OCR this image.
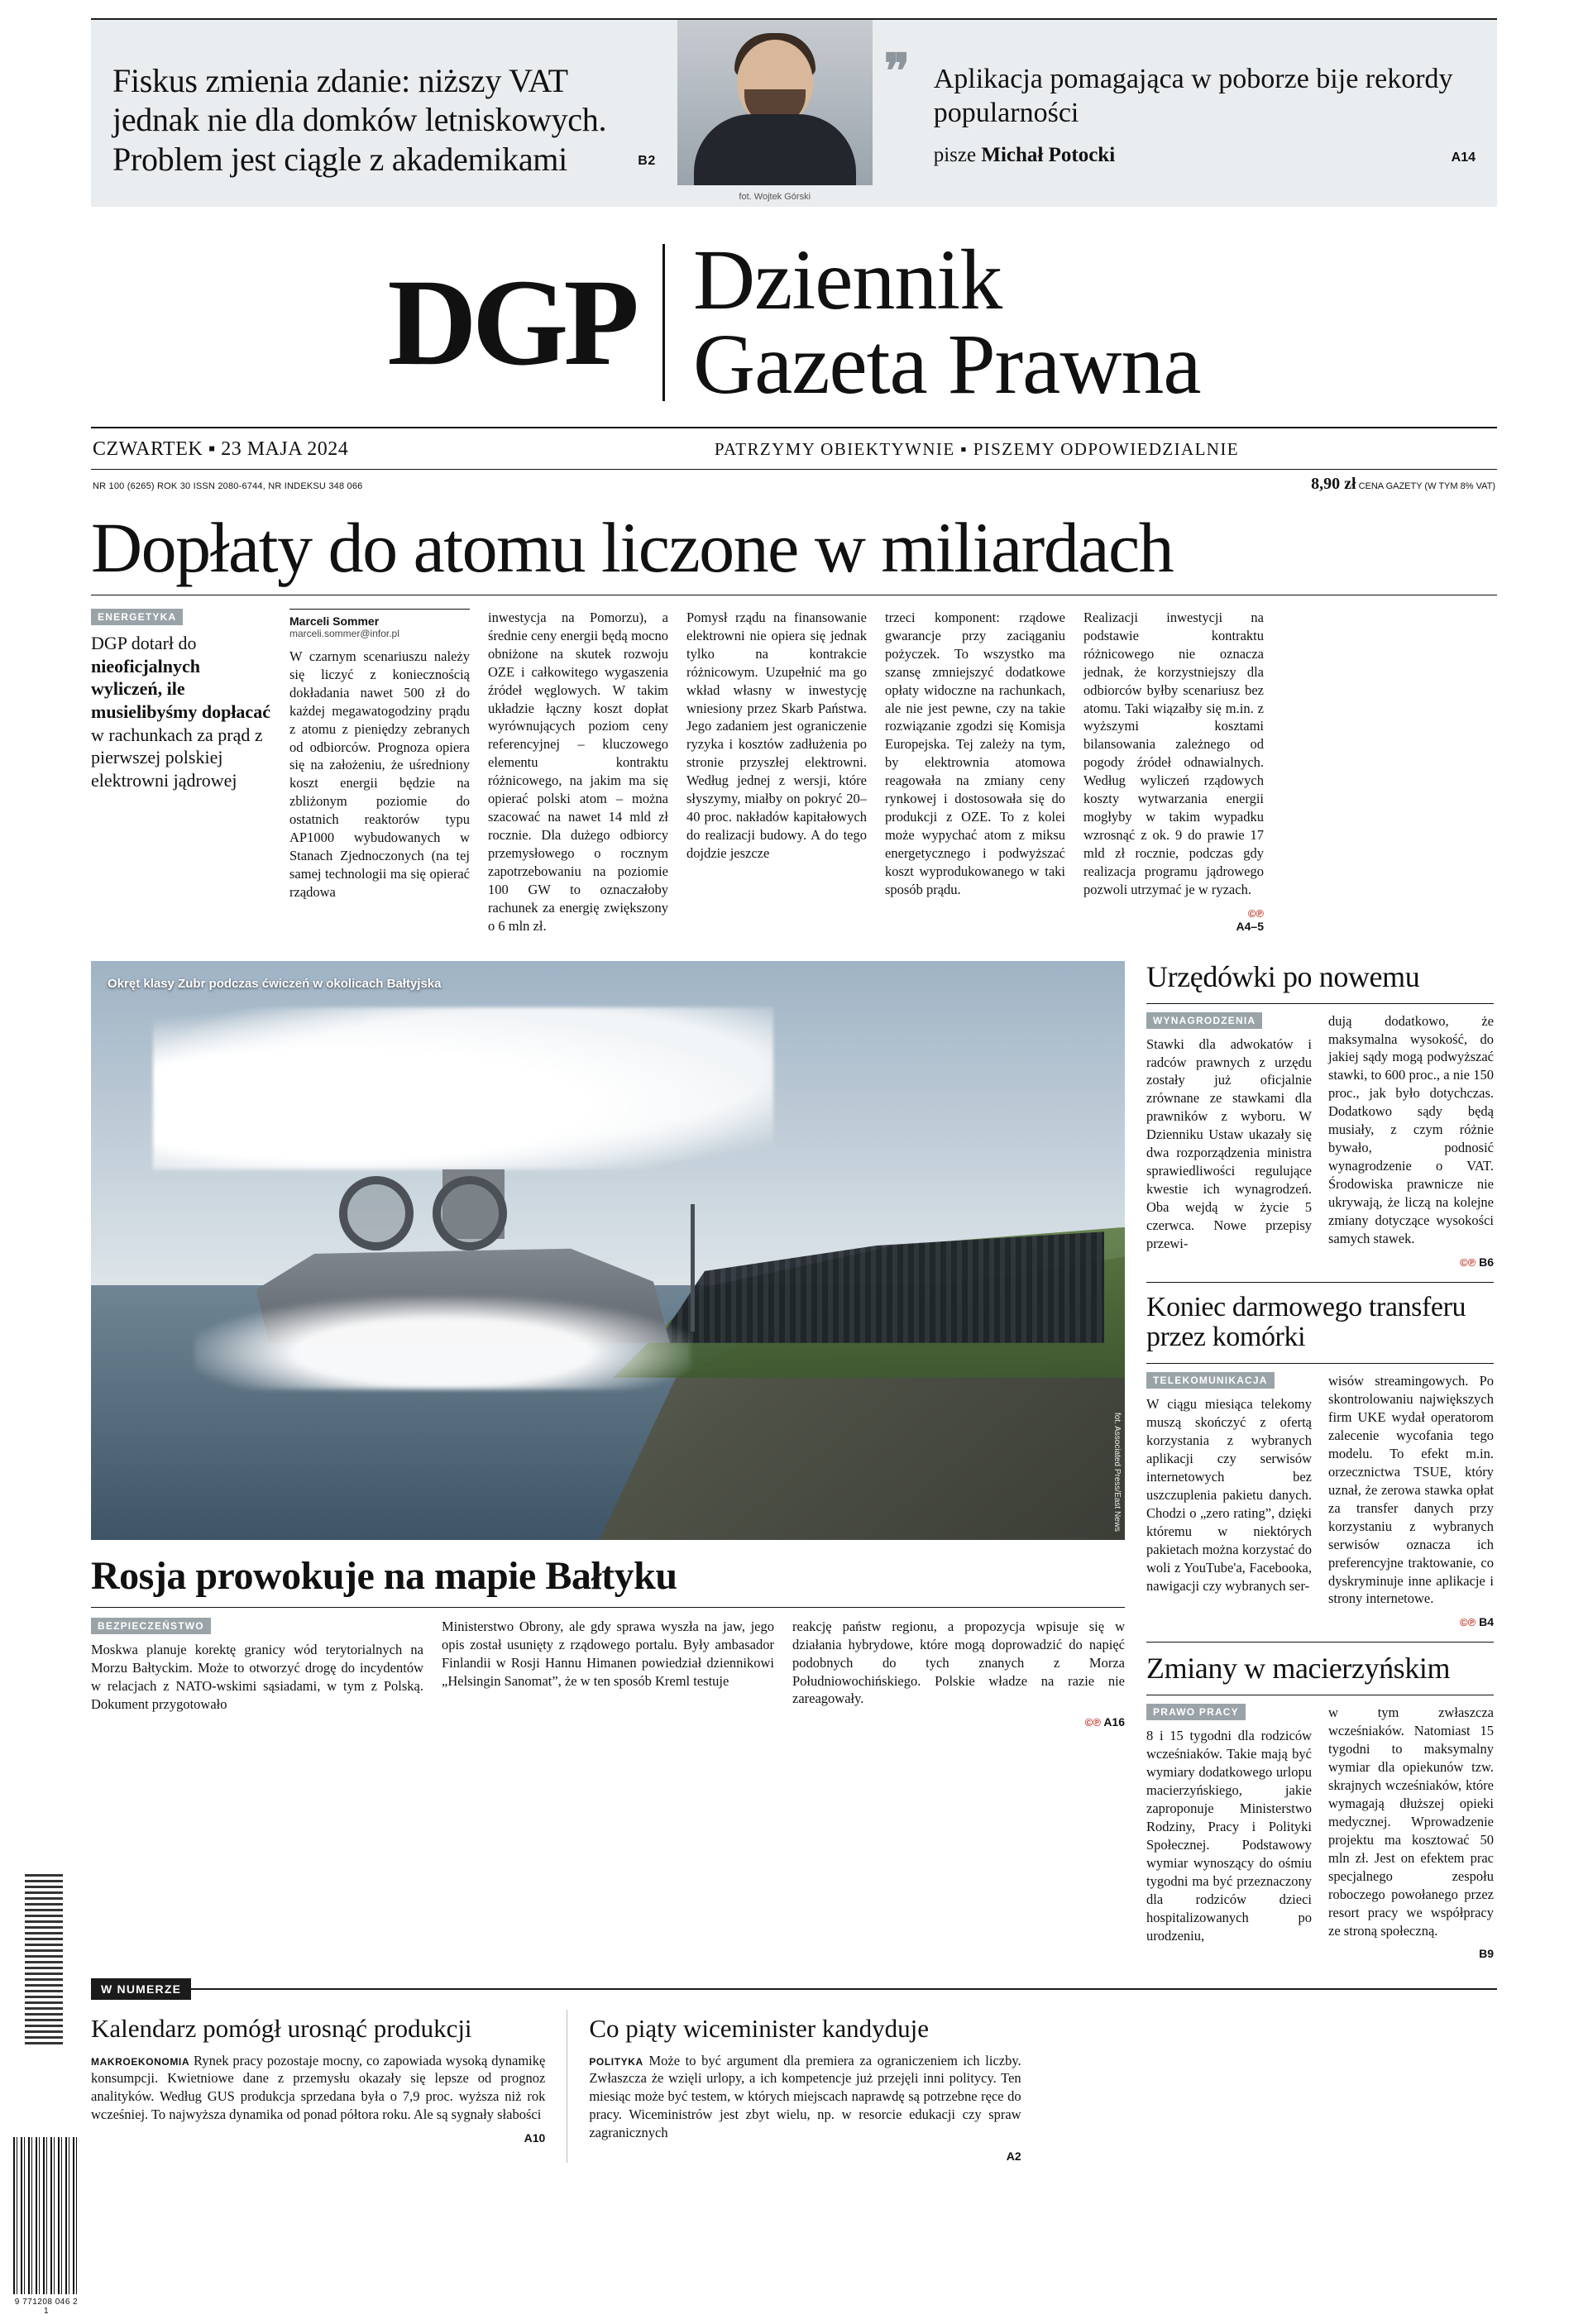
Fiskus zmienia zdanie: niższy VAT jednak nie dla domków letniskowych. Problem jest ciągle z akademikami	B2
fot. Wojtek Górski
❞ Aplikacja pomagająca w poborze bije rekordy popularności
pisze Michał Potocki	A14
DGP Dziennik
Gazeta Prawna
CZWARTEK ▪ 23 MAJA 2024	PATRZYMY OBIEKTYWNIE ▪ PISZEMY ODPOWIEDZIALNIE
NR 100 (6265) ROK 30 ISSN 2080-6744, NR INDEKSU 348 066	8,90 zł CENA GAZETY (W TYM 8% VAT)
Dopłaty do atomu liczone w miliardach
ENERGETYKA
DGP dotarł do nieoficjalnych wyliczeń, ile musielibyśmy dopłacać w rachunkach za prąd z pierwszej polskiej elektrowni jądrowej
Marceli Sommer
marceli.sommer@infor.pl

W czarnym scenariuszu należy się liczyć z koniecznością dokładania nawet 500 zł do każdej megawatogodziny prądu z atomu z pieniędzy zebranych od odbiorców. Prognoza opiera się na założeniu, że uśredniony koszt energii będzie na zbliżonym poziomie do ostatnich reaktorów typu AP1000 wybudowanych w Stanach Zjednoczonych (na tej samej technologii ma się opierać rządowa

inwestycja na Pomorzu), a średnie ceny energii będą mocno obniżone na skutek rozwoju OZE i całkowitego wygaszenia źródeł węglowych. W takim układzie łączny koszt dopłat wyrównujących poziom ceny referencyjnej – kluczowego elementu kontraktu różnicowego, na jakim ma się opierać polski atom – można szacować na nawet 14 mld zł rocznie. Dla dużego odbiorcy przemysłowego o rocznym zapotrzebowaniu na poziomie 100 GW to oznaczałoby rachunek za energię zwiększony o 6 mln zł.

Pomysł rządu na finansowanie elektrowni nie opiera się jednak tylko na kontrakcie różnicowym. Uzupełnić ma go wkład własny w inwestycję wniesiony przez Skarb Państwa. Jego zadaniem jest ograniczenie ryzyka i kosztów zadłużenia po stronie przyszłej elektrowni. Według jednej z wersji, które słyszymy, miałby on pokryć 20–40 proc. nakładów kapitałowych do realizacji budowy. A do tego dojdzie jeszcze

trzeci komponent: rządowe gwarancje przy zaciąganiu pożyczek. To wszystko ma szansę zmniejszyć dodatkowe opłaty widoczne na rachunkach, ale nie jest pewne, czy na takie rozwiązanie zgodzi się Komisja Europejska. Tej zależy na tym, by elektrownia atomowa reagowała na zmiany ceny rynkowej i dostosowała się do produkcji z OZE. To z kolei może wypychać atom z miksu energetycznego i podwyższać koszt wyprodukowanego w taki sposób prądu.

Realizacji inwestycji na podstawie kontraktu różnicowego nie oznacza jednak, że korzystniejszy dla odbiorców byłby scenariusz bez atomu. Taki wiązałby się m.in. z wyższymi kosztami bilansowania zależnego od pogody źródeł odnawialnych. Według wyliczeń rządowych koszty wytwarzania energii mogłyby w takim wypadku wzrosnąć z ok. 9 do prawie 17 mld zł rocznie, podczas gdy realizacja programu jądrowego pozwoli utrzymać je w ryzach.

©℗
A4–5
Okręt klasy Zubr podczas ćwiczeń w okolicach Bałtyjska
fot. Associated Press/East News
Rosja prowokuje na mapie Bałtyku
BEZPIECZEŃSTWO

Moskwa planuje korektę granicy wód terytorialnych na Morzu Bałtyckim. Może to otworzyć drogę do incydentów w relacjach z NATO-wskimi sąsiadami, w tym z Polską. Dokument przygotowało

Ministerstwo Obrony, ale gdy sprawa wyszła na jaw, jego opis został usunięty z rządowego portalu. Były ambasador Finlandii w Rosji Hannu Himanen powiedział dziennikowi „Helsingin Sanomat”, że w ten sposób Kreml testuje

reakcję państw regionu, a propozycja wpisuje się w działania hybrydowe, które mogą doprowadzić do napięć podobnych do tych znanych z Morza Południowochińskiego. Polskie władze na razie nie zareagowały.

©℗ A16
Urzędówki po nowemu
WYNAGRODZENIA

Stawki dla adwokatów i radców prawnych z urzędu zostały już oficjalnie zrównane ze stawkami dla prawników z wyboru. W Dzienniku Ustaw ukazały się dwa rozporządzenia ministra sprawiedliwości regulujące kwestie ich wynagrodzeń. Oba wejdą w życie 5 czerwca. Nowe przepisy przewi-

dują dodatkowo, że maksymalna wysokość, do jakiej sądy mogą podwyższać stawki, to 600 proc., a nie 150 proc., jak było dotychczas. Dodatkowo sądy będą musiały, z czym różnie bywało, podnosić wynagrodzenie o VAT. Środowiska prawnicze nie ukrywają, że liczą na kolejne zmiany dotyczące wysokości samych stawek.

©℗ B6
Koniec darmowego transferu przez komórki
TELEKOMUNIKACJA

W ciągu miesiąca telekomy muszą skończyć z ofertą korzystania z wybranych aplikacji czy serwisów internetowych bez uszczuplenia pakietu danych. Chodzi o „zero rating”, dzięki któremu w niektórych pakietach można korzystać do woli z YouTube'a, Facebooka, nawigacji czy wybranych ser-

wisów streamingowych. Po skontrolowaniu największych firm UKE wydał operatorom zalecenie wycofania tego modelu. To efekt m.in. orzecznictwa TSUE, który uznał, że zerowa stawka opłat za transfer danych przy korzystaniu z wybranych serwisów oznacza ich preferencyjne traktowanie, co dyskryminuje inne aplikacje i strony internetowe.

©℗ B4
Zmiany w macierzyńskim
PRAWO PRACY

8 i 15 tygodni dla rodziców wcześniaków. Takie mają być wymiary dodatkowego urlopu macierzyńskiego, jakie zaproponuje Ministerstwo Rodziny, Pracy i Polityki Społecznej. Podstawowy wymiar wynoszący do ośmiu tygodni ma być przeznaczony dla rodziców dzieci hospitalizowanych po urodzeniu,

w tym zwłaszcza wcześniaków. Natomiast 15 tygodni to maksymalny wymiar dla opiekunów tzw. skrajnych wcześniaków, które wymagają dłuższej opieki medycznej. Wprowadzenie projektu ma kosztować 50 mln zł. Jest on efektem prac specjalnego zespołu roboczego powołanego przez resort pracy we współpracy ze stroną społeczną.

B9
W NUMERZE
Kalendarz pomógł urosnąć produkcji

MAKROEKONOMIA Rynek pracy pozostaje mocny, co zapowiada wysoką dynamikę konsumpcji. Kwietniowe dane z przemysłu okazały się lepsze od prognoz analityków. Według GUS produkcja sprzedana była o 7,9 proc. wyższa niż rok wcześniej. To najwyższa dynamika od ponad półtora roku. Ale są sygnały słabości

A10
Co piąty wiceminister kandyduje

POLITYKA Może to być argument dla premiera za ograniczeniem ich liczby. Zwłaszcza że wzięli urlopy, a ich kompetencje już przejęli inni politycy. Ten miesiąc może być testem, w których miejscach naprawdę są potrzebne ręce do pracy. Wiceministrów jest zbyt wielu, np. w resorcie edukacji czy spraw zagranicznych

A2
9 771208 046 2 1
